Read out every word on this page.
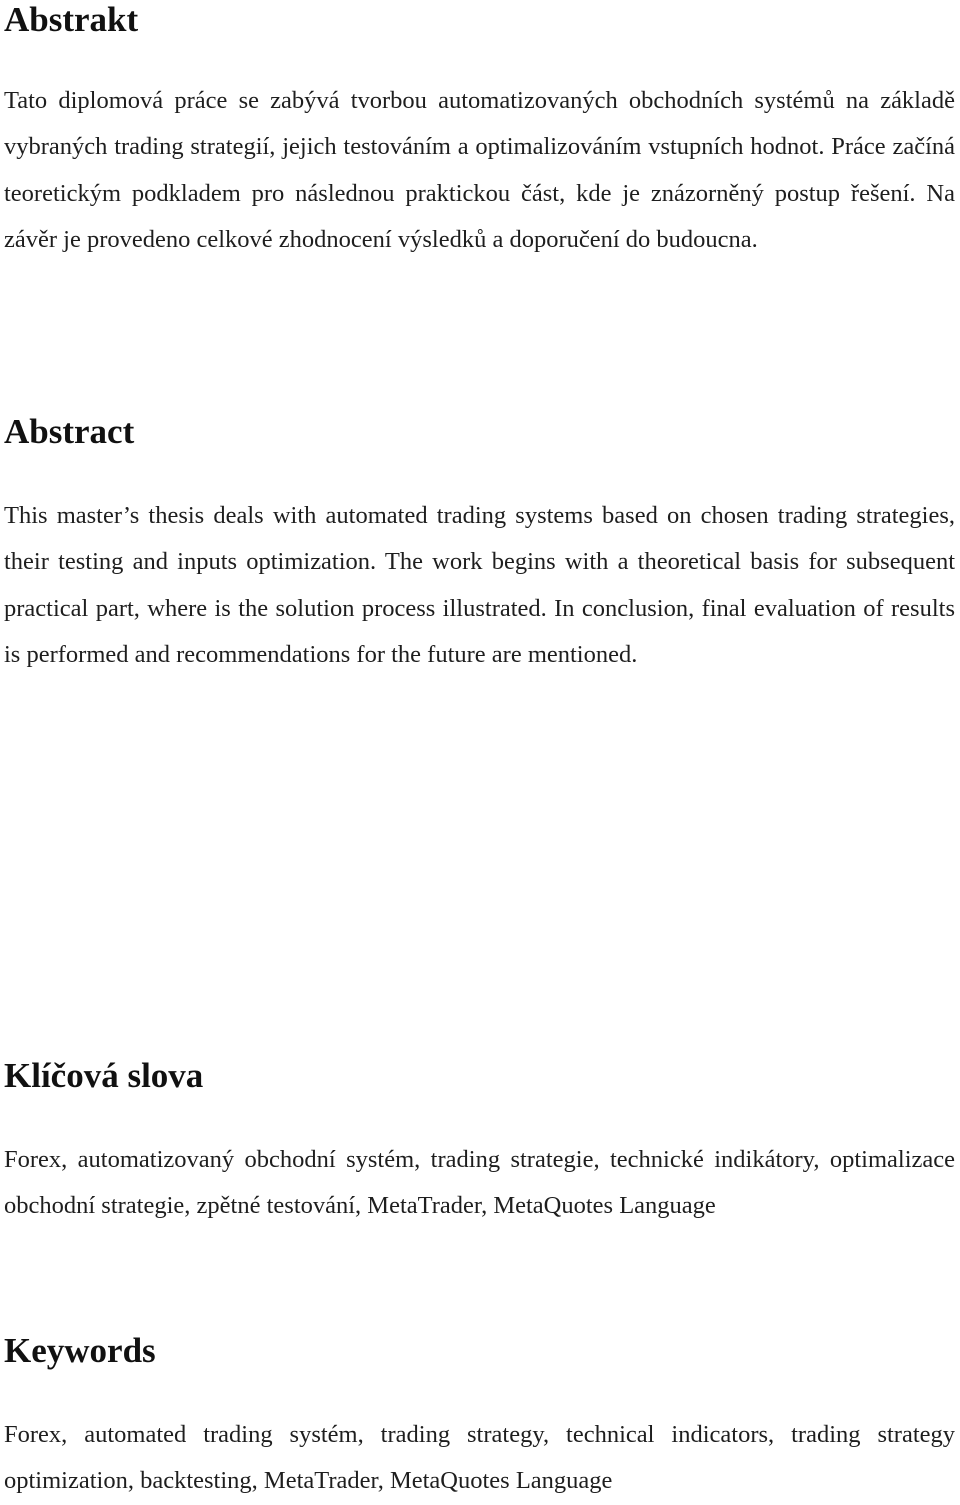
Abstrakt

Tato diplomová práce se zabývá tvorbou automatizovaných obchodních systémů na základě vybraných trading strategií, jejich testováním a optimalizováním vstupních hodnot. Práce začíná teoretickým podkladem pro následnou praktickou část, kde je znázorněný postup řešení. Na závěr je provedeno celkové zhodnocení výsledků a doporučení do budoucna.

Abstract

This master’s thesis deals with automated trading systems based on chosen trading strategies, their testing and inputs optimization. The work begins with a theoretical basis for subsequent practical part, where is the solution process illustrated. In conclusion, final evaluation of results is performed and recommendations for the future are mentioned.

Klíčová slova

Forex, automatizovaný obchodní systém, trading strategie, technické indikátory, optimalizace obchodní strategie, zpětné testování, MetaTrader, MetaQuotes Language

Keywords

Forex, automated trading systém, trading strategy, technical indicators, trading strategy optimization, backtesting, MetaTrader, MetaQuotes Language
